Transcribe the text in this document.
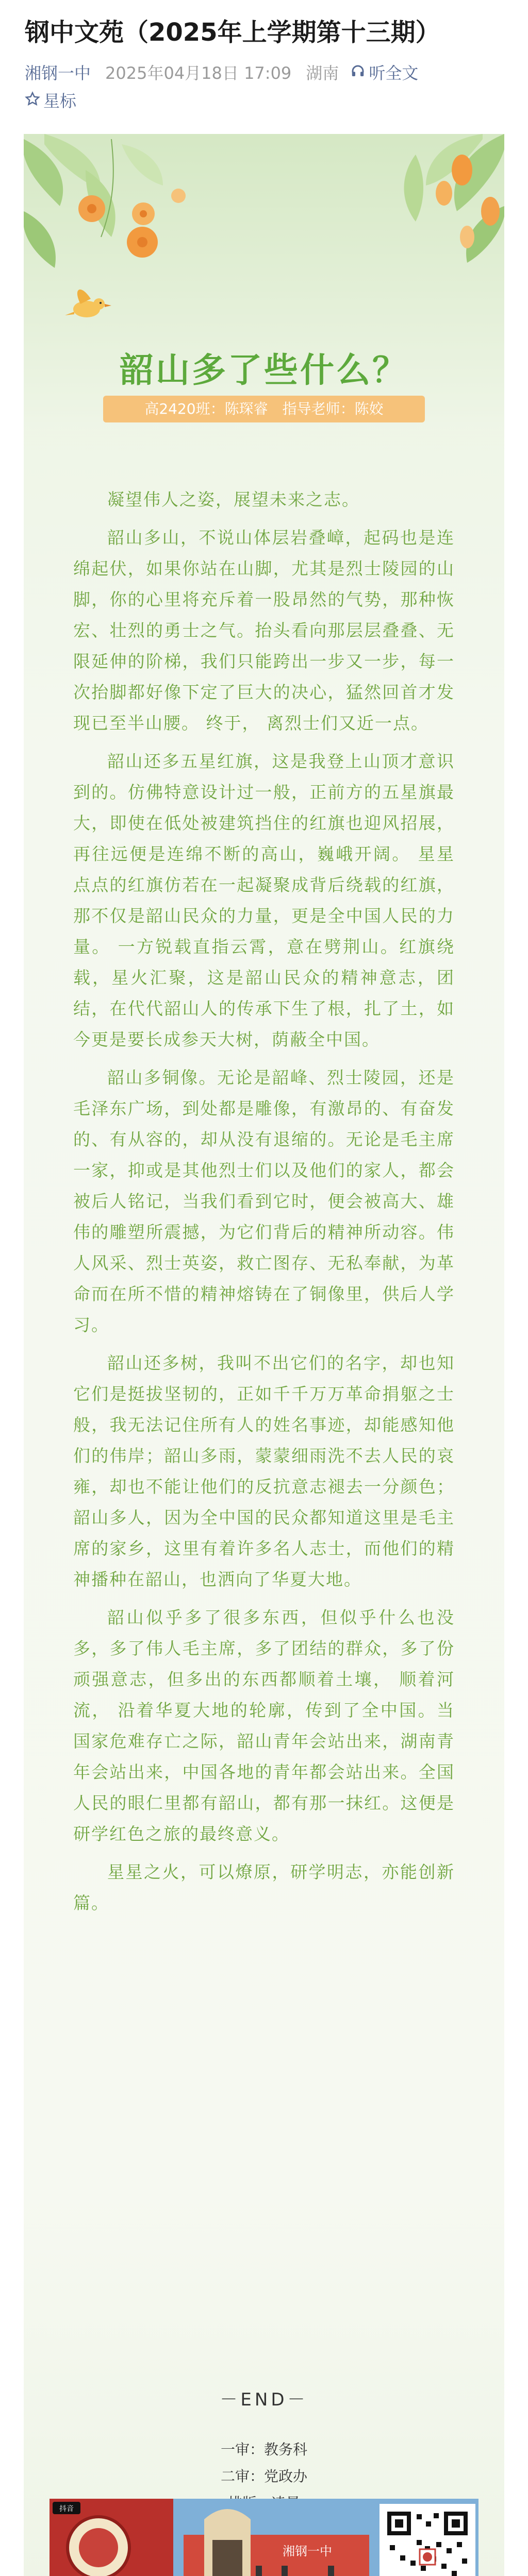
钢中文苑（2025年上学期第十三期）
湘钢一中 2025年04月18日 17:09 湖南 听全文
星标
韶山多了些什么？
高2420班：陈琛睿　指导老师：陈姣

凝望伟人之姿，展望未来之志。

韶山多山，不说山体层岩叠嶂，起码也是连绵起伏，如果你站在山脚，尤其是烈士陵园的山脚，你的心里将充斥着一股昂然的气势，那种恢宏、壮烈的勇士之气。抬头看向那层层叠叠、无限延伸的阶梯，我们只能跨出一步又一步，每一次抬脚都好像下定了巨大的决心，猛然回首才发现已至半山腰。 终于， 离烈士们又近一点。

韶山还多五星红旗，这是我登上山顶才意识到的。仿佛特意设计过一般，正前方的五星旗最大，即使在低处被建筑挡住的红旗也迎风招展，再往远便是连绵不断的高山，巍峨开阔。 星星点点的红旗仿若在一起凝聚成背后绕载的红旗，那不仅是韶山民众的力量，更是全中国人民的力量。 一方锐载直指云霄，意在劈荆山。红旗绕载，星火汇聚，这是韶山民众的精神意志，团结，在代代韶山人的传承下生了根，扎了土，如今更是要长成参天大树，荫蔽全中国。

韶山多铜像。无论是韶峰、烈士陵园，还是毛泽东广场，到处都是雕像，有激昂的、有奋发的、有从容的，却从没有退缩的。无论是毛主席一家，抑或是其他烈士们以及他们的家人，都会被后人铭记，当我们看到它时，便会被高大、雄伟的雕塑所震撼，为它们背后的精神所动容。伟人风采、烈士英姿，救亡图存、无私奉献，为革命而在所不惜的精神熔铸在了铜像里，供后人学习。

韶山还多树，我叫不出它们的名字，却也知它们是挺拔坚韧的，正如千千万万革命捐躯之士般，我无法记住所有人的姓名事迹，却能感知他们的伟岸；韶山多雨，蒙蒙细雨洗不去人民的哀雍，却也不能让他们的反抗意志褪去一分颜色；韶山多人，因为全中国的民众都知道这里是毛主席的家乡，这里有着许多名人志士，而他们的精神播种在韶山，也洒向了华夏大地。

韶山似乎多了很多东西，但似乎什么也没多，多了伟人毛主席，多了团结的群众，多了份顽强意志，但多出的东西都顺着土壤， 顺着河流， 沿着华夏大地的轮廓，传到了全中国。当国家危难存亡之际，韶山青年会站出来，湖南青年会站出来，中国各地的青年都会站出来。全国人民的眼仁里都有韶山，都有那一抹红。这便是研学红色之旅的最终意义。

星星之火，可以燎原，研学明志，亦能创新篇。

－END－
一审：教务科
二审：党政办
抖音
湘钢一中
